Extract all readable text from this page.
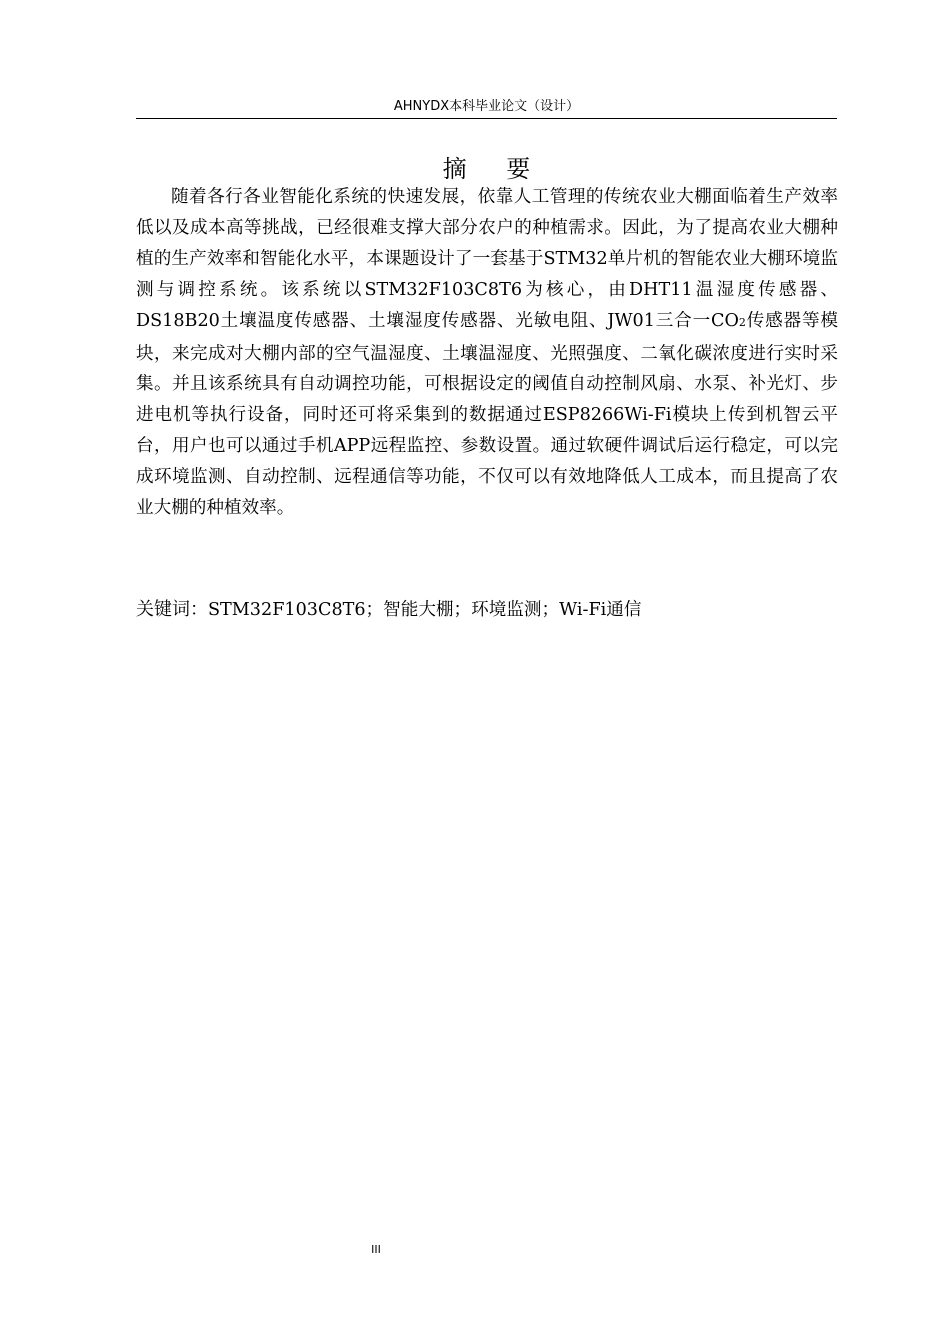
AHNYDX本科毕业论文（设计）
摘 要

随着各行各业智能化系统的快速发展，依靠人工管理的传统农业大棚面临着生产效率低以及成本高等挑战，已经很难支撑大部分农户的种植需求。因此，为了提高农业大棚种植的生产效率和智能化水平，本课题设计了一套基于STM32单片机的智能农业大棚环境监测与调控系统。该系统以STM32F103C8T6为核心，由DHT11温湿度传感器、DS18B20土壤温度传感器、土壤湿度传感器、光敏电阻、JW01三合一CO2传感器等模块，来完成对大棚内部的空气温湿度、土壤温湿度、光照强度、二氧化碳浓度进行实时采集。并且该系统具有自动调控功能，可根据设定的阈值自动控制风扇、水泵、补光灯、步进电机等执行设备，同时还可将采集到的数据通过ESP8266Wi-Fi模块上传到机智云平台，用户也可以通过手机APP远程监控、参数设置。通过软硬件调试后运行稳定，可以完成环境监测、自动控制、远程通信等功能，不仅可以有效地降低人工成本，而且提高了农业大棚的种植效率。

关键词：STM32F103C8T6；智能大棚；环境监测；Wi-Fi通信
III
